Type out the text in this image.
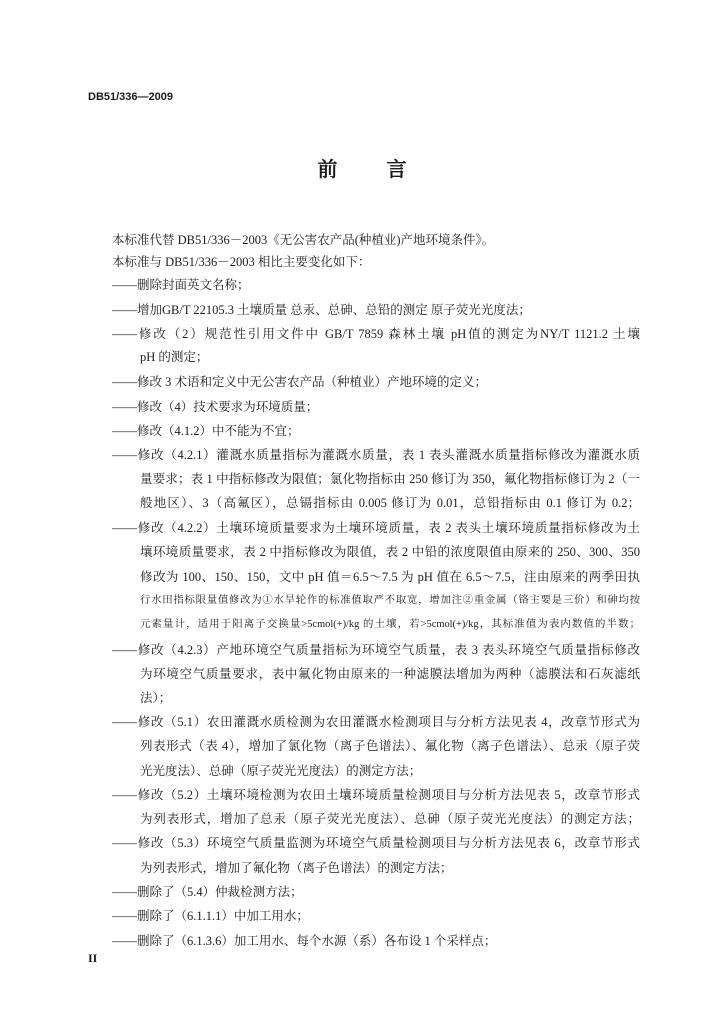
DB51/336—2009
前 言
本标准代替 DB51/336－2003《无公害农产品(种植业)产地环境条件》。
本标准与 DB51/336－2003 相比主要变化如下：
——删除封面英文名称；
——增加GB/T 22105.3 土壤质量 总汞、总砷、总铅的测定 原子荧光光度法；
——修改（2）规范性引用文件中 GB/T 7859 森林土壤 pH值的测定为NY/T 1121.2 土壤
pH 的测定；
——修改 3 术语和定义中无公害农产品（种植业）产地环境的定义；
——修改（4）技术要求为环境质量；
——修改（4.1.2）中不能为不宜；
——修改（4.2.1）灌溉水质量指标为灌溉水质量，表 1 表头灌溉水质量指标修改为灌溉水质
量要求；表 1 中指标修改为限值；氯化物指标由 250 修订为 350，氟化物指标修订为 2（一
般地区）、3（高氟区），总镉指标由 0.005 修订为 0.01，总铅指标由 0.1 修订为 0.2；
——修改（4.2.2）土壤环境质量要求为土壤环境质量，表 2 表头土壤环境质量指标修改为土
壤环境质量要求，表 2 中指标修改为限值，表 2 中铅的浓度限值由原来的 250、300、350
修改为 100、150、150，文中 pH 值＝6.5～7.5 为 pH 值在 6.5～7.5，注由原来的两季田执
行水田指标限量值修改为①水旱轮作的标准值取严不取宽，增加注②重金属（铬主要是三价）和砷均按
元素量计，适用于阳离子交换量>5cmol(+)/kg 的土壤，若>5cmol(+)/kg，其标准值为表内数值的半数；
——修改（4.2.3）产地环境空气质量指标为环境空气质量，表 3 表头环境空气质量指标修改
为环境空气质量要求，表中氟化物由原来的一种滤膜法增加为两种（滤膜法和石灰滤纸
法）；
——修改（5.1）农田灌溉水质检测为农田灌溉水检测项目与分析方法见表 4，改章节形式为
列表形式（表 4），增加了氯化物（离子色谱法）、氟化物（离子色谱法）、总汞（原子荧
光光度法）、总砷（原子荧光光度法）的测定方法；
——修改（5.2）土壤环境检测为农田土壤环境质量检测项目与分析方法见表 5，改章节形式
为列表形式，增加了总汞（原子荧光光度法）、总砷（原子荧光光度法）的测定方法；
——修改（5.3）环境空气质量监测为环境空气质量检测项目与分析方法见表 6，改章节形式
为列表形式，增加了氟化物（离子色谱法）的测定方法；
——删除了（5.4）仲裁检测方法；
——删除了（6.1.1.1）中加工用水；
——删除了（6.1.3.6）加工用水、每个水源（系）各布设 1 个采样点；
II
